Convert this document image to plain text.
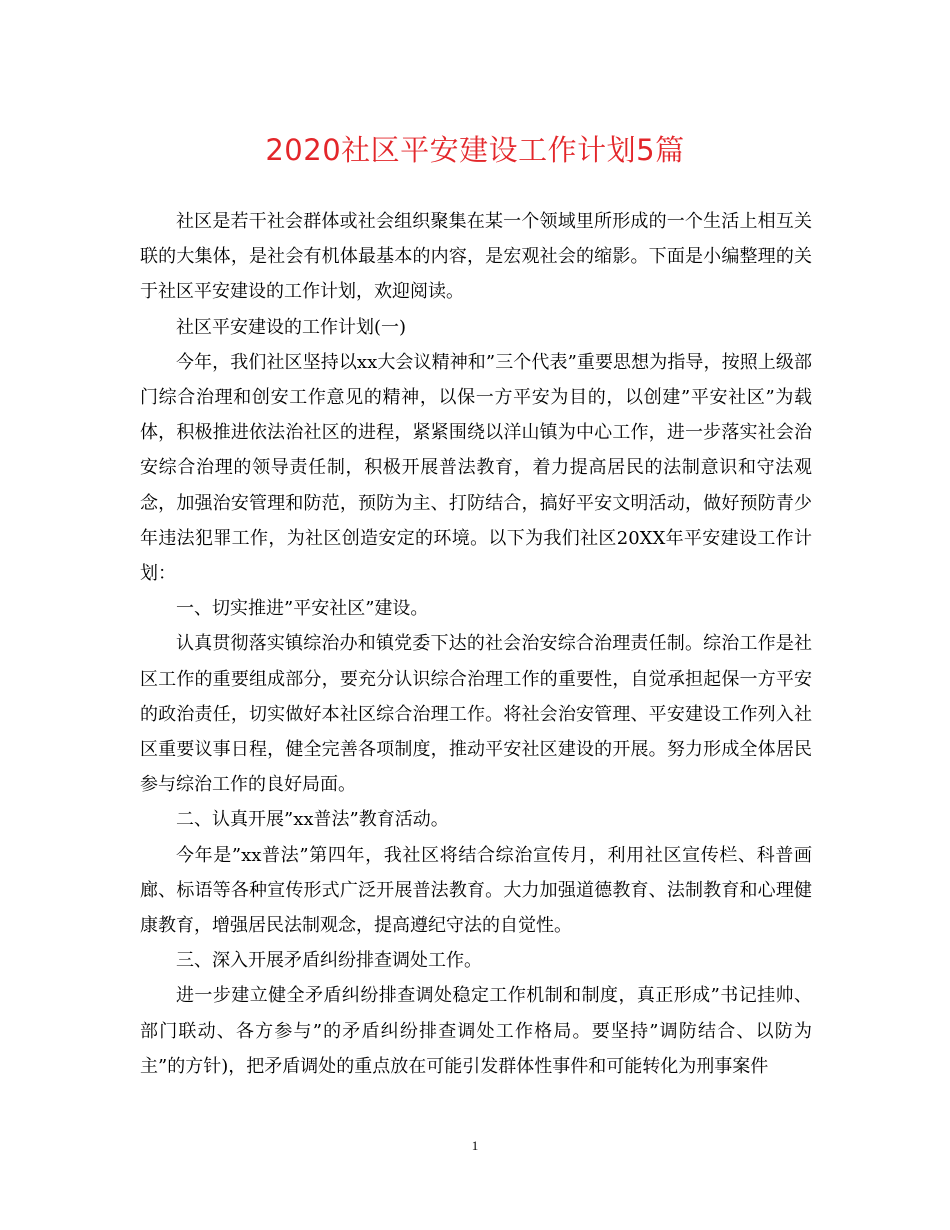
2020社区平安建设工作计划5篇

社区是若干社会群体或社会组织聚集在某一个领域里所形成的一个生活上相互关联的大集体，是社会有机体最基本的内容，是宏观社会的缩影。下面是小编整理的关于社区平安建设的工作计划，欢迎阅读。

社区平安建设的工作计划(一)

今年，我们社区坚持以xx大会议精神和”三个代表”重要思想为指导，按照上级部门综合治理和创安工作意见的精神，以保一方平安为目的，以创建”平安社区”为载体，积极推进依法治社区的进程，紧紧围绕以洋山镇为中心工作，进一步落实社会治安综合治理的领导责任制，积极开展普法教育，着力提高居民的法制意识和守法观念，加强治安管理和防范，预防为主、打防结合，搞好平安文明活动，做好预防青少年违法犯罪工作，为社区创造安定的环境。以下为我们社区20XX年平安建设工作计划：

一、切实推进”平安社区”建设。

认真贯彻落实镇综治办和镇党委下达的社会治安综合治理责任制。综治工作是社区工作的重要组成部分，要充分认识综合治理工作的重要性，自觉承担起保一方平安的政治责任，切实做好本社区综合治理工作。将社会治安管理、平安建设工作列入社区重要议事日程，健全完善各项制度，推动平安社区建设的开展。努力形成全体居民参与综治工作的良好局面。

二、认真开展”xx普法”教育活动。

今年是”xx普法”第四年，我社区将结合综治宣传月，利用社区宣传栏、科普画廊、标语等各种宣传形式广泛开展普法教育。大力加强道德教育、法制教育和心理健康教育，增强居民法制观念，提高遵纪守法的自觉性。

三、深入开展矛盾纠纷排查调处工作。

进一步建立健全矛盾纠纷排查调处稳定工作机制和制度，真正形成”书记挂帅、部门联动、各方参与”的矛盾纠纷排查调处工作格局。要坚持”调防结合、以防为主”的方针)，把矛盾调处的重点放在可能引发群体性事件和可能转化为刑事案件

1
